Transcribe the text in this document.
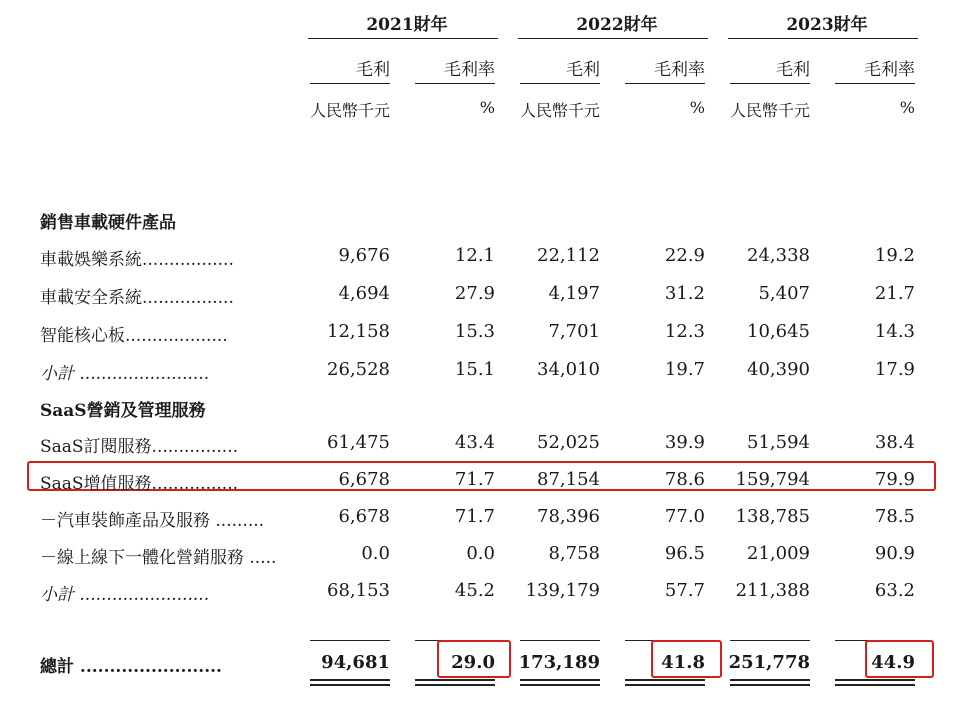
2021財年	2022財年	2023財年
毛利	毛利率	毛利	毛利率	毛利	毛利率
人民幣千元	%	人民幣千元	%	人民幣千元	%
銷售車載硬件產品
車載娛樂系統.................	9,676	12.1	22,112	22.9	24,338	19.2
車載安全系統.................	4,694	27.9	4,197	31.2	5,407	21.7
智能核心板...................	12,158	15.3	7,701	12.3	10,645	14.3
小計 ........................	26,528	15.1	34,010	19.7	40,390	17.9
SaaS營銷及管理服務
SaaS訂閱服務................	61,475	43.4	52,025	39.9	51,594	38.4
SaaS增值服務................	6,678	71.7	87,154	78.6	159,794	79.9
－汽車裝飾產品及服務 .........	6,678	71.7	78,396	77.0	138,785	78.5
－線上線下一體化營銷服務 .....	0.0	0.0	8,758	96.5	21,009	90.9
小計 ........................	68,153	45.2	139,179	57.7	211,388	63.2
總計 ........................	94,681	29.0	173,189	41.8	251,778	44.9
